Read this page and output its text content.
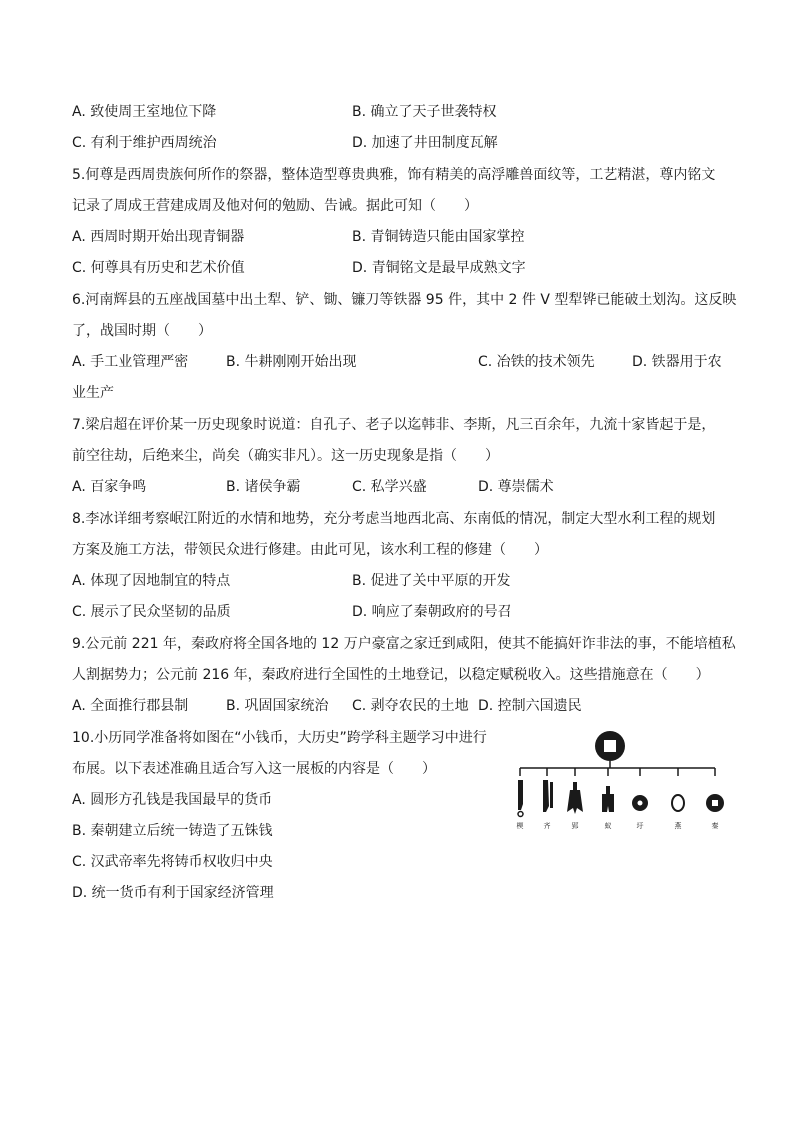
A. 致使周王室地位下降	B. 确立了天子世袭特权
C. 有利于维护西周统治	D. 加速了井田制度瓦解
5.何尊是西周贵族何所作的祭器，整体造型尊贵典雅，饰有精美的高浮雕兽面纹等，工艺精湛，尊内铭文
记录了周成王营建成周及他对何的勉励、告诫。据此可知（　　）
A. 西周时期开始出现青铜器	B. 青铜铸造只能由国家掌控
C. 何尊具有历史和艺术价值	D. 青铜铭文是最早成熟文字
6.河南辉县的五座战国墓中出土犁、铲、锄、镰刀等铁器 95 件，其中 2 件 V 型犁铧已能破土划沟。这反映
了，战国时期（　　）
A. 手工业管理严密	B. 牛耕刚刚开始出现	C. 冶铁的技术领先	D. 铁器用于农
业生产
7.梁启超在评价某一历史现象时说道：自孔子、老子以迄韩非、李斯，凡三百余年，九流十家皆起于是，
前空往劫，后绝来尘，尚矣（确实非凡）。这一历史现象是指（　　）
A. 百家争鸣	B. 诸侯争霸	C. 私学兴盛	D. 尊崇儒术
8.李冰详细考察岷江附近的水情和地势，充分考虑当地西北高、东南低的情况，制定大型水利工程的规划
方案及施工方法，带领民众进行修建。由此可见，该水利工程的修建（　　）
A. 体现了因地制宜的特点	B. 促进了关中平原的开发
C. 展示了民众坚韧的品质	D. 响应了秦朝政府的号召
9.公元前 221 年，秦政府将全国各地的 12 万户豪富之家迁到咸阳，使其不能搞奸诈非法的事，不能培植私
人割据势力；公元前 216 年，秦政府进行全国性的土地登记，以稳定赋税收入。这些措施意在（　　）
A. 全面推行郡县制	B. 巩固国家统治 C. 剥夺农民的土地 D. 控制六国遗民
10.小历同学准备将如图在“小钱币，大历史”跨学科主题学习中进行
布展。以下表述准确且适合写入这一展板的内容是（　　）
A. 圆形方孔钱是我国最早的货币
B. 秦朝建立后统一铸造了五铢钱
C. 汉武帝率先将铸币权收归中央
D. 统一货币有利于国家经济管理
楔	齐	郢	蚁	圩	燕	秦
